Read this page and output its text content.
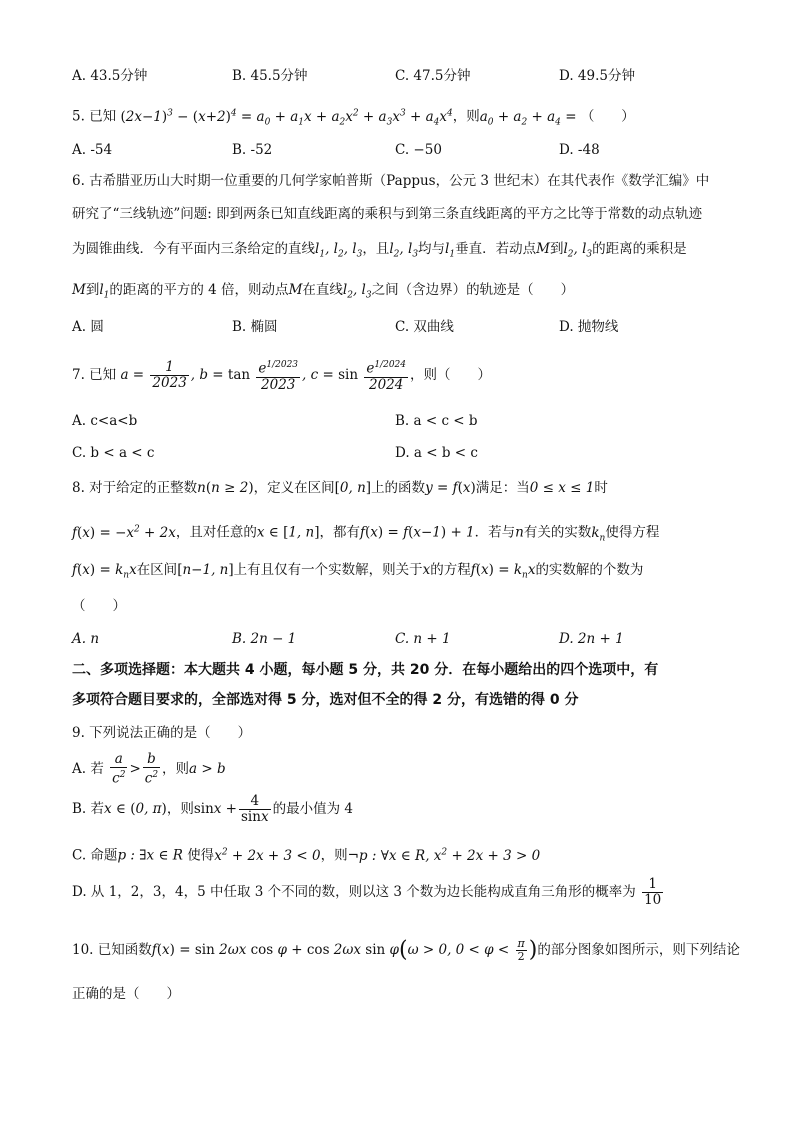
A. 43.5分钟	B. 45.5分钟	C. 47.5分钟	D. 49.5分钟
5. 已知 $(2x-1)^3 - (x+2)^4 = a_0 + a_1x + a_2x^2 + a_3x^3 + a_4x^4$，则$a_0 + a_2 + a_4$ = （　　）
A. -54	B. -52	C. −50	D. -48
6. 古希腊亚历山大时期一位重要的几何学家帕普斯（Pappus，公元 3 世纪末）在其代表作《数学汇编》中
研究了“三线轨迹”问题: 即到两条已知直线距离的乘积与到第三条直线距离的平方之比等于常数的动点轨迹
为圆锥曲线．今有平面内三条给定的直线$l_1$, $l_2$, $l_3$，且$l_2$, $l_3$均与$l_1$垂直．若动点M到$l_2$, $l_3$的距离的乘积是
M到$l_1$的距离的平方的 4 倍，则动点M在直线$l_2$, $l_3$之间（含边界）的轨迹是（　　）
A. 圆	B. 椭圆	C. 双曲线	D. 抛物线
7. 已知 $a = \frac{1}{2023}$ , $b = \tan \frac{e^{1/2023}}{2023}$ , $c = \sin \frac{e^{1/2024}}{2024}$ ，则（　　）
A. c<a<b	B. a < c < b
C. b < a < c	D. a < b < c
8. 对于给定的正整数n(n ≥ 2)，定义在区间[0, n]上的函数y = f(x)满足：当0 ≤ x ≤ 1时
$f(x) = -x^2 + 2x$，且对任意的x ∈ [1, n]，都有f(x) = f(x−1) + 1．若与n有关的实数$k_n$使得方程
$f(x) = k_nx$在区间[n−1, n]上有且仅有一个实数解，则关于x的方程$f(x) = k_nx$的实数解的个数为
（　　）
A. n	B. 2n − 1	C. n + 1	D. 2n + 1
二、多项选择题：本大题共 4 小题，每小题 5 分，共 20 分．在每小题给出的四个选项中，有
多项符合题目要求的，全部选对得 5 分，选对但不全的得 2 分，有选错的得 0 分
9. 下列说法正确的是（　　）
A. 若 $\frac{a}{c^2} > \frac{b}{c^2}$ ，则a > b
B. 若x ∈ (0, π)，则$\sin x + \frac{4}{\sin x}$ 的最小值为 4
C. 命题p : ∃x ∈ R 使得$x^2 + 2x + 3 < 0$，则¬p : ∀x ∈ R, $x^2 + 2x + 3 > 0$
D. 从 1，2，3，4，5 中任取 3 个不同的数，则以这 3 个数为边长能构成直角三角形的概率为 $\frac{1}{10}$
10. 已知函数f(x) = sin 2ωx cos φ + cos 2ωx sin φ(ω > 0, $0 < \varphi < \frac{\pi}{2}$ )的部分图象如图所示，则下列结论
正确的是（　　）
